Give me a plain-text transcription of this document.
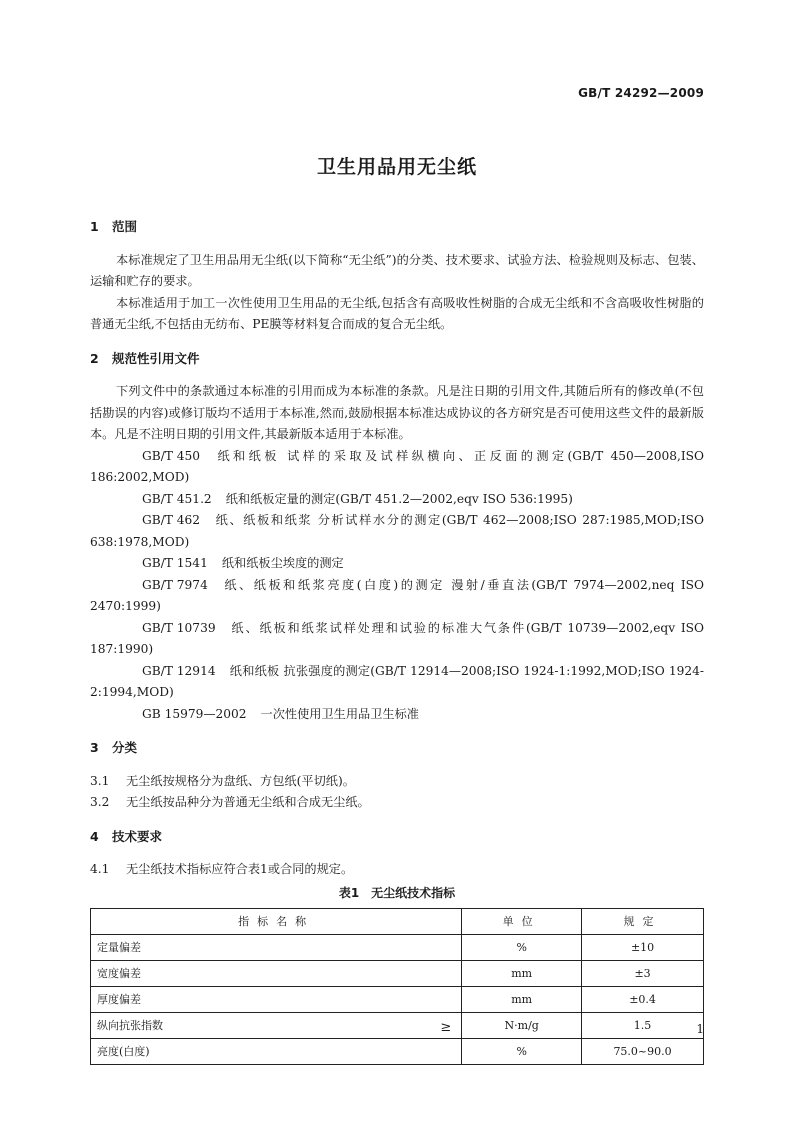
GB/T 24292—2009
卫生用品用无尘纸
1 范围

本标准规定了卫生用品用无尘纸(以下简称“无尘纸”)的分类、技术要求、试验方法、检验规则及标志、包装、运输和贮存的要求。

本标准适用于加工一次性使用卫生用品的无尘纸,包括含有高吸收性树脂的合成无尘纸和不含高吸收性树脂的普通无尘纸,不包括由无纺布、PE膜等材料复合而成的复合无尘纸。

2 规范性引用文件

下列文件中的条款通过本标准的引用而成为本标准的条款。凡是注日期的引用文件,其随后所有的修改单(不包括勘误的内容)或修订版均不适用于本标准,然而,鼓励根据本标准达成协议的各方研究是否可使用这些文件的最新版本。凡是不注明日期的引用文件,其最新版本适用于本标准。

GB/T 450 纸和纸板 试样的采取及试样纵横向、正反面的测定(GB/T 450—2008,ISO 186:2002,MOD)

GB/T 451.2 纸和纸板定量的测定(GB/T 451.2—2002,eqv ISO 536:1995)

GB/T 462 纸、纸板和纸浆 分析试样水分的测定(GB/T 462—2008;ISO 287:1985,MOD;ISO 638:1978,MOD)

GB/T 1541 纸和纸板尘埃度的测定

GB/T 7974 纸、纸板和纸浆亮度(白度)的测定 漫射/垂直法(GB/T 7974—2002,neq ISO 2470:1999)

GB/T 10739 纸、纸板和纸浆试样处理和试验的标准大气条件(GB/T 10739—2002,eqv ISO 187:1990)

GB/T 12914 纸和纸板 抗张强度的测定(GB/T 12914—2008;ISO 1924-1:1992,MOD;ISO 1924-2:1994,MOD)

GB 15979—2002 一次性使用卫生用品卫生标准

3 分类

3.1 无尘纸按规格分为盘纸、方包纸(平切纸)。

3.2 无尘纸按品种分为普通无尘纸和合成无尘纸。

4 技术要求

4.1 无尘纸技术指标应符合表1或合同的规定。

表1 无尘纸技术指标
指标名称	单位	规定
定量偏差	%	±10
宽度偏差	mm	±3
厚度偏差	mm	±0.4
纵向抗张指数 ≥	N·m/g	1.5
亮度(白度)	%	75.0~90.0
1
